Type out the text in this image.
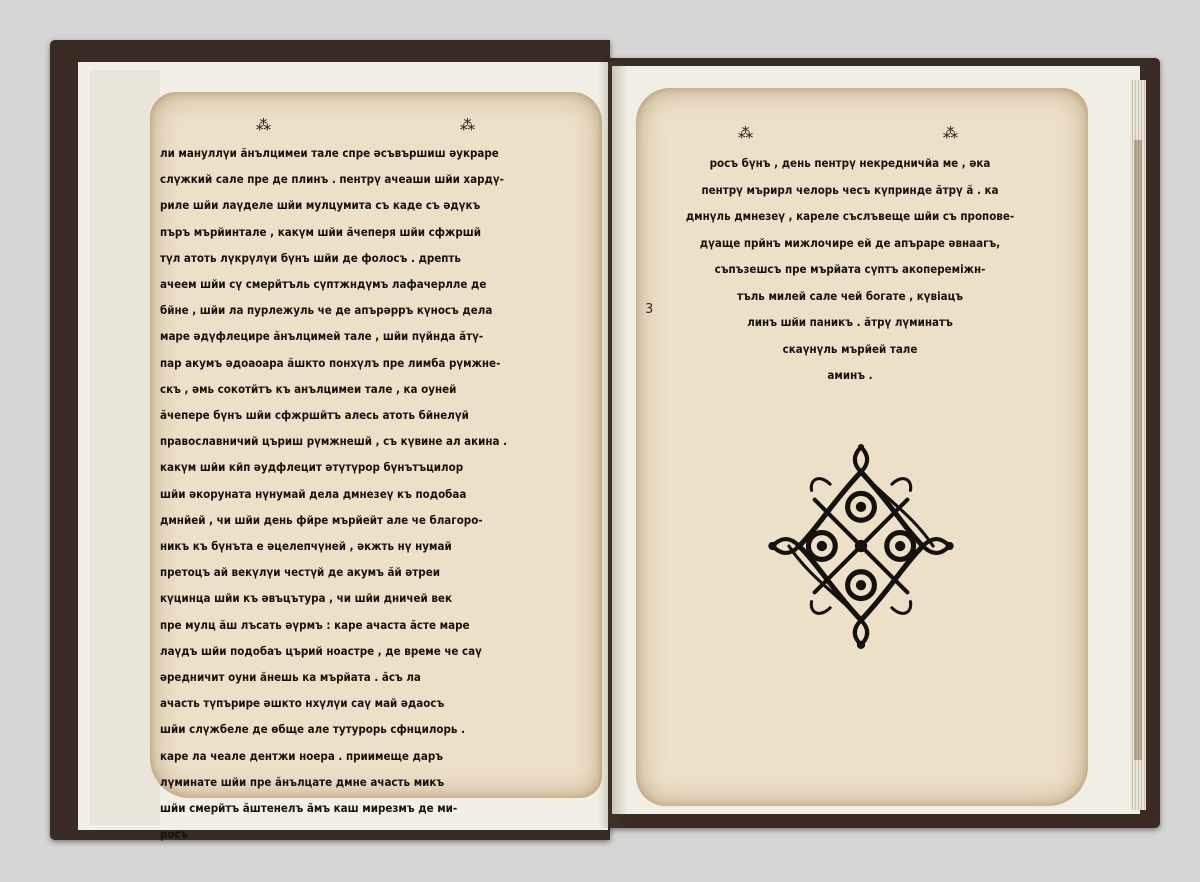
⁂	⁂	⁂	⁂
ли мануллүи ӑнълцимеи тале спре әсъвършиш әукраре
слүжкий сале пре де плинъ . пентрү ачеаши шйи хардү-
риле шйи лаүделе шйи мулцумита съ каде съ әдүкъ
пъръ мърйинтале , какүм шйи ӑчеперя шйи сфжршй
түл атоть лүкрүлүи бүнъ шйи де фолосъ . дрепть
ачеем шйи сү смерйтъль сүптжндүмъ лафачерлле де
бйне , шйи ла пурлежуль че де апърәрръ күносъ дела
маре әдүфлецире ӑнълцимей тале , шйи пүйнда ӑтү-
пар акумъ әдоаоара ӑшкто понхүлъ пре лимба рүмжне-
скъ , әмь сокотйтъ къ анълцимеи тале , ка оуней
ӑчепере бүнъ шйи сфжршйтъ алесь атоть бйнелүй
православничий църиш рүмжнешй , съ күвине ал акина .
какүм шйи кйп әудфлецит әтүтүрор бүнътъцилор
шйи әкоруната нүнумай дела дмнезеү къ подобаа
дмнйей , чи шйи день фйре мърйейт але че благоро-
никъ къ бүнъта е әцелепчүней , әкжть нү нумай
претоцъ ай векүлүи честүй де акумъ ӑй әтреи
күцинца шйи къ әвъцътура , чи шйи дничей век
пре мулц ӑш лъсать әүрмъ : каре ачаста ӑсте маре
лаүдъ шйи подобаъ църий ноастре , де време че саү
әредничит оуни ӑнешь ка мърйата . ӑсъ ла
ачасть түпърире әшкто нхүлүи саү май әдаосъ
шйи слүжбеле де өбще але тутурорь сфнцилорь .
каре ла чеале дентжи ноера . приимеще даръ
лүминате шйи пре ӑнълцате дмне ачасть микъ
шйи смерйтъ ӑштенелъ ӑмъ каш мирезмъ де ми-
росъ
росъ бүнъ , день пентрү некредничйа ме , әка
пентрү мърирл челорь чесъ күпринде ӑтрү ӑ . ка
дмнүль дмнезеү , кареле съслъвеще шйи съ пропове-
дүаще прйнъ мижлочире ей де апъраре әвнаагъ,
съпъзешсъ пре мърйата сүптъ акопереміжн-
тъль милей сале чей богате , күвіацъ
линъ шйи паникъ . ӑтрү лүминатъ
скаүнүль мърйей тале
аминъ .
3
